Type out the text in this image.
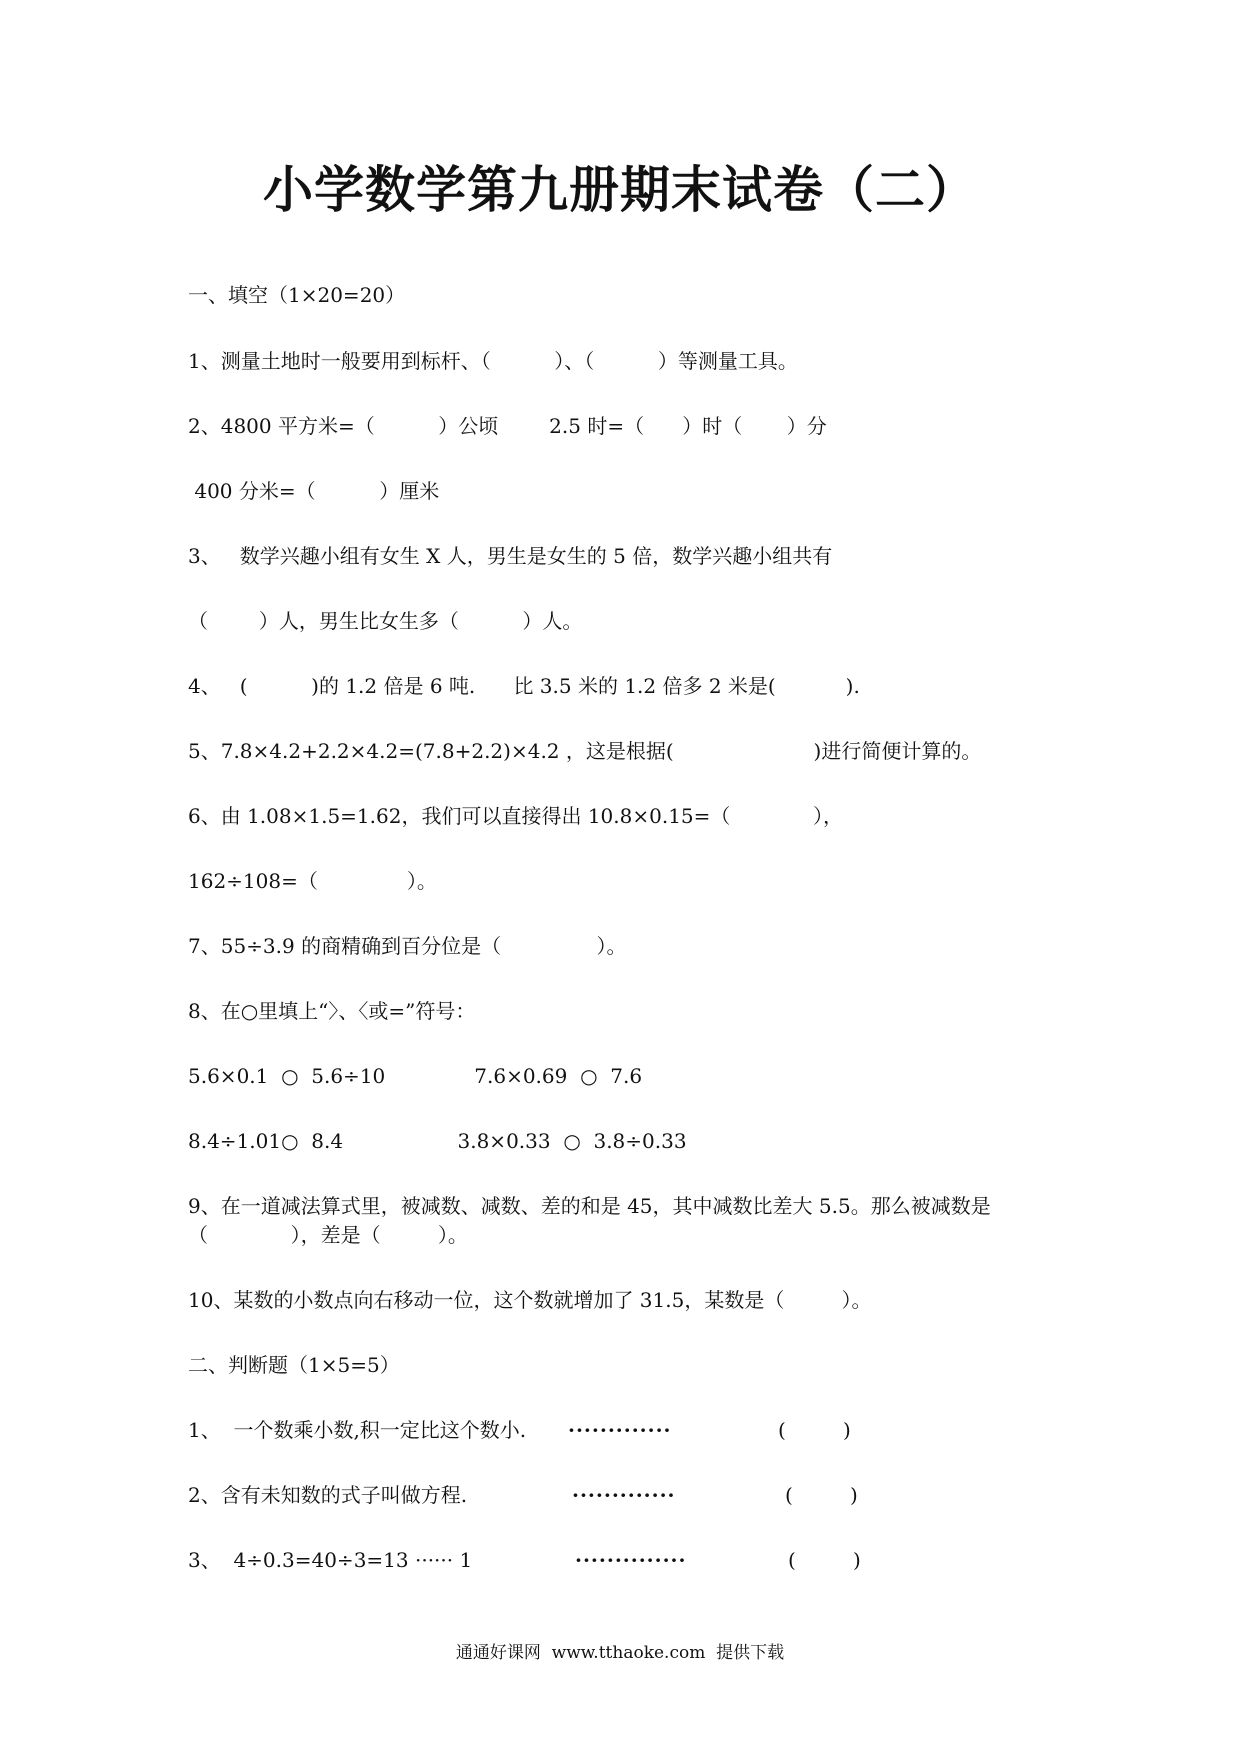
小学数学第九册期末试卷（二）
一、填空（1×20=20）
1、测量土地时一般要用到标杆、（          ）、（          ）等测量工具。
2、4800 平方米=（          ）公顷        2.5 时=（      ）时（       ）分
400 分米=（          ）厘米
3、   数学兴趣小组有女生 X 人，男生是女生的 5 倍，数学兴趣小组共有
（        ）人，男生比女生多（          ）人。
4、   (          )的 1.2 倍是 6 吨.      比 3.5 米的 1.2 倍多 2 米是(           ).
5、7.8×4.2+2.2×4.2=(7.8+2.2)×4.2 ，这是根据(                      )进行简便计算的。
6、由 1.08×1.5=1.62，我们可以直接得出 10.8×0.15=（             ），
162÷108=（              ）。
7、55÷3.9 的商精确到百分位是（               ）。
8、在○里填上“〉、〈或=”符号：
5.6×0.1  ○  5.6÷10              7.6×0.69  ○  7.6
8.4÷1.01○  8.4                  3.8×0.33  ○  3.8÷0.33
9、在一道减法算式里，被减数、减数、差的和是 45，其中减数比差大 5.5。那么被减数是
（             ），差是（         ）。
10、某数的小数点向右移动一位，这个数就增加了 31.5，某数是（         ）。
二、判断题（1×5=5）
1、  一个数乘小数,积一定比这个数小. ·············	(         )
2、含有未知数的式子叫做方程.	·············	(         )
3、  4÷0.3=40÷3=13 ······ 1	··············	(         )
通通好课网  www.tthaoke.com  提供下载
